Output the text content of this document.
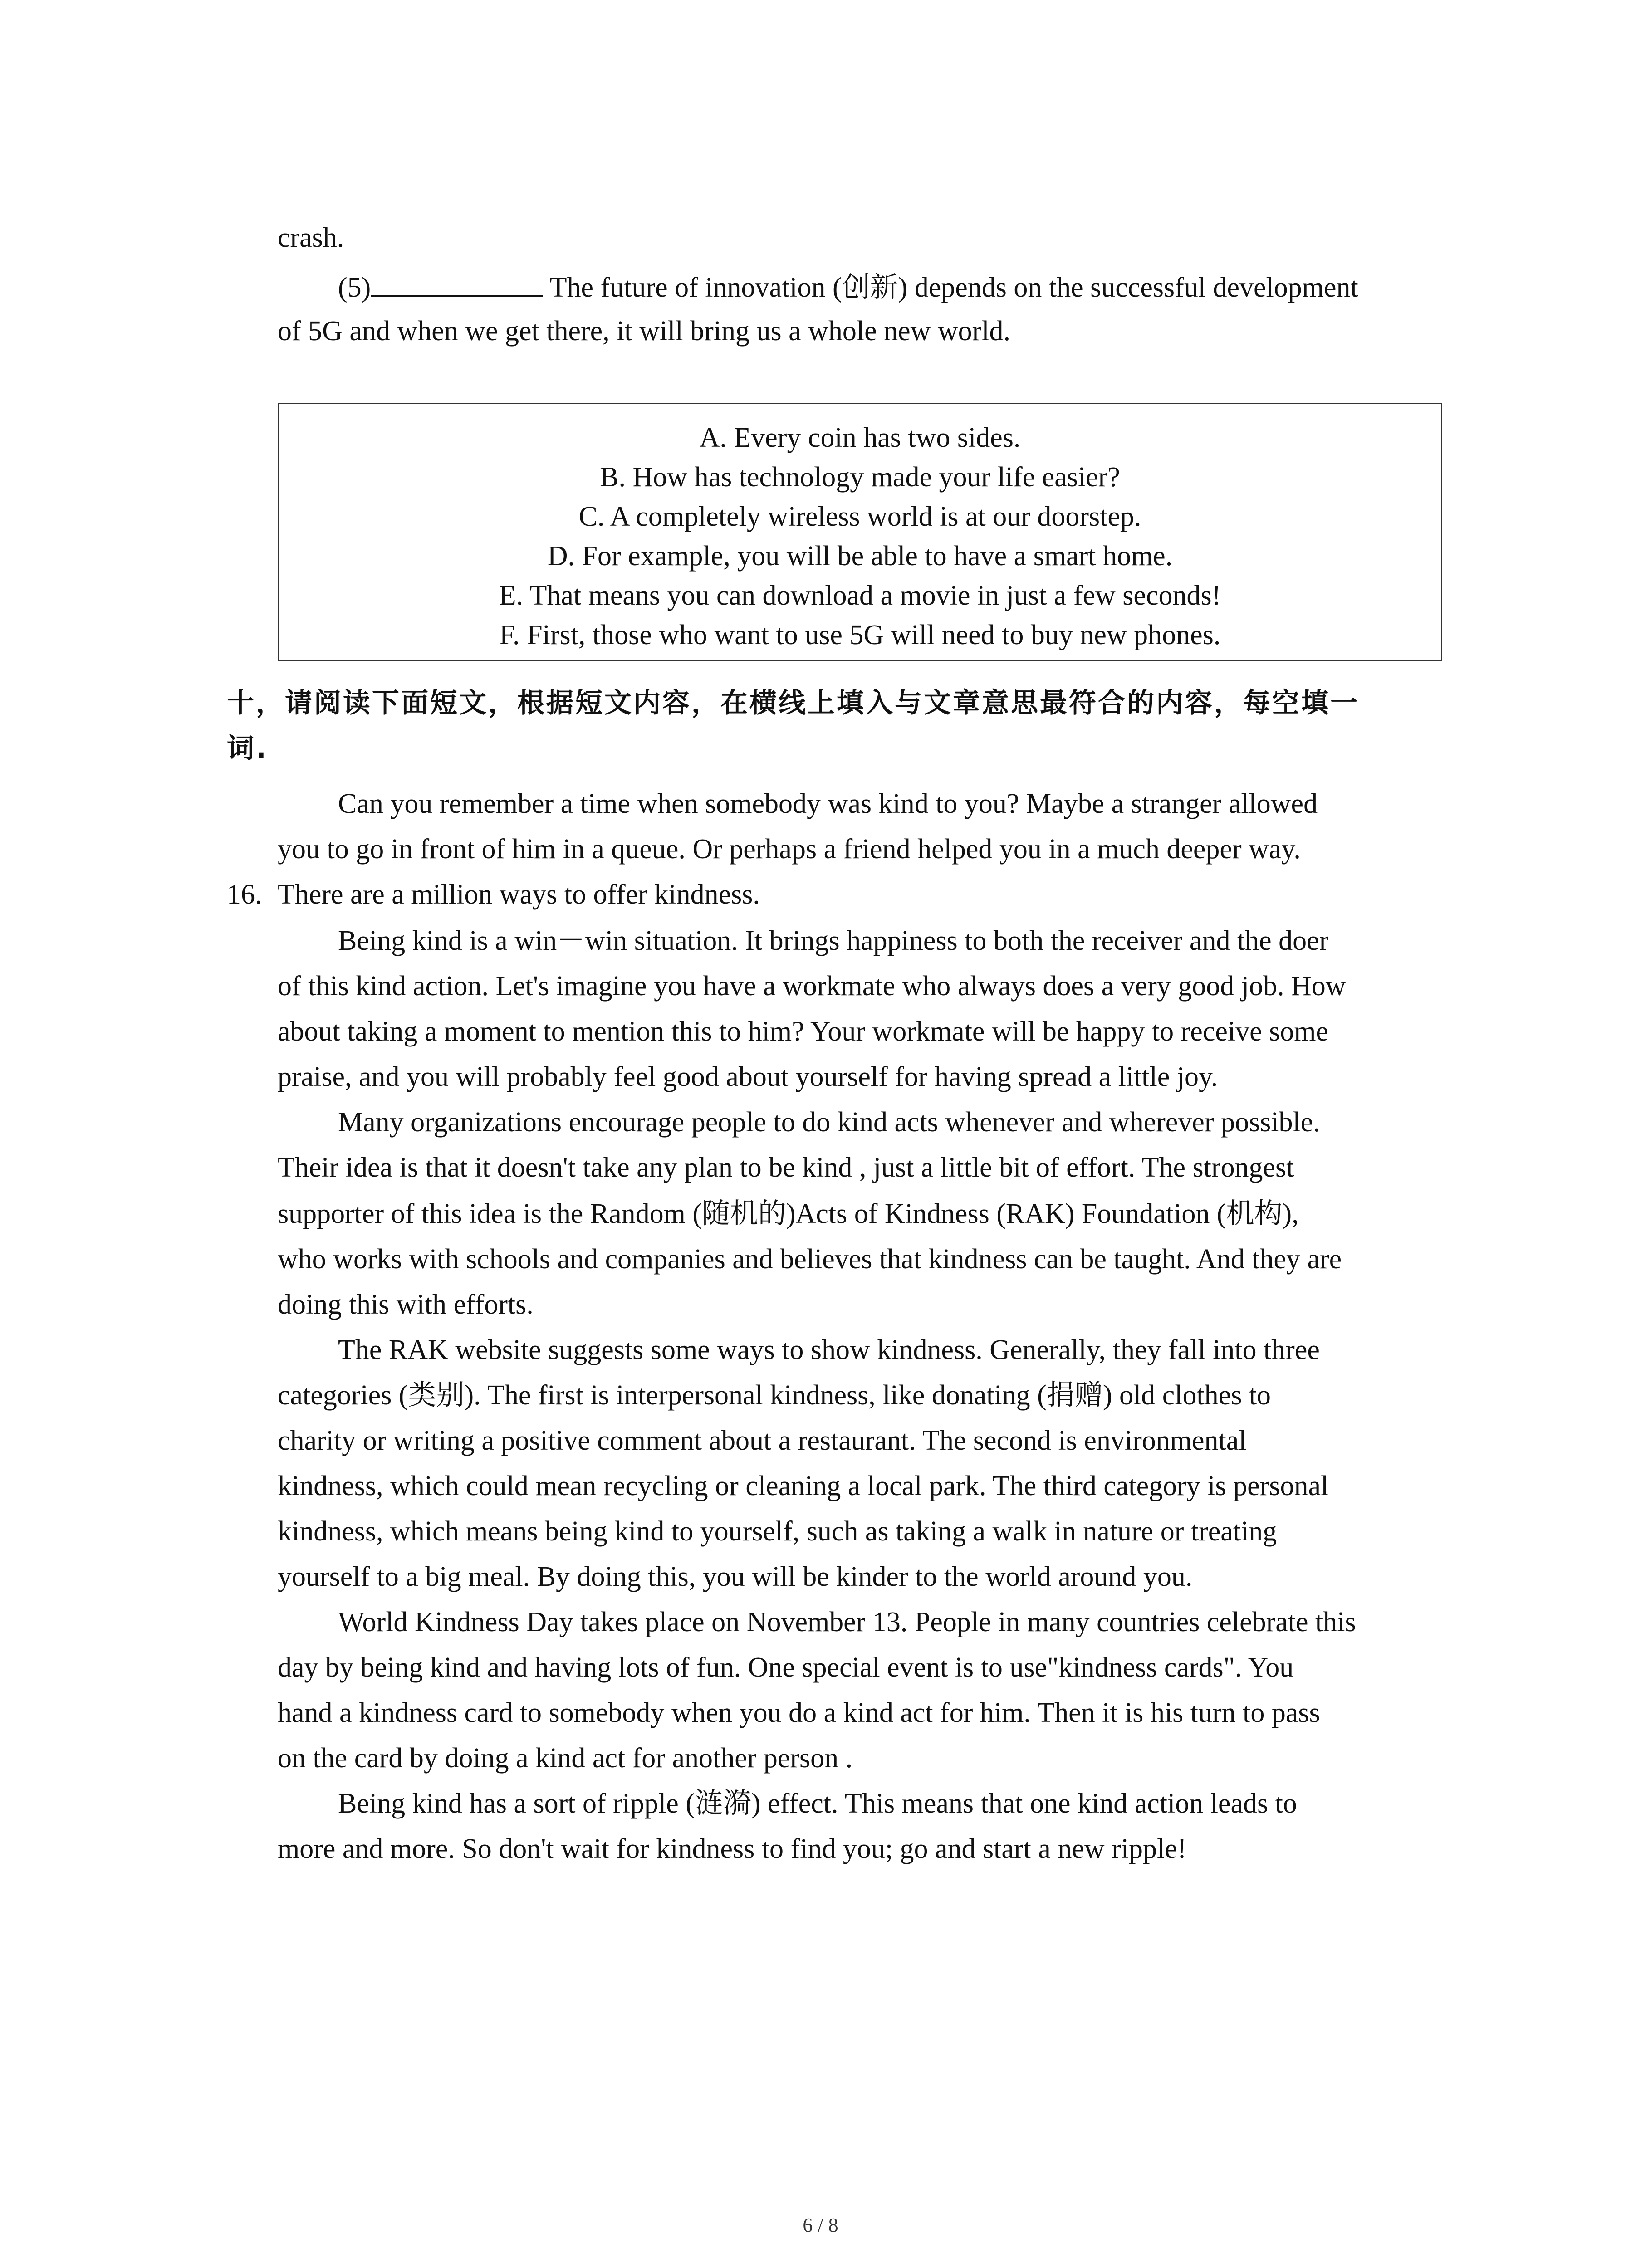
crash.
(5)	The future of innovation (创新) depends on the successful development
of 5G and when we get there, it will bring us a whole new world.
A. Every coin has two sides.
B. How has technology made your life easier?
C. A completely wireless world is at our doorstep.
D. For example, you will be able to have a smart home.
E. That means you can download a movie in just a few seconds!
F. First, those who want to use 5G will need to buy new phones.
十，请阅读下面短文，根据短文内容，在横线上填入与文章意思最符合的内容，每空填一
词.
16.
Can you remember a time when somebody was kind to you? Maybe a stranger allowed
you to go in front of him in a queue. Or perhaps a friend helped you in a much deeper way.
There are a million ways to offer kindness.
Being kind is a win－win situation. It brings happiness to both the receiver and the doer
of this kind action. Let's imagine you have a workmate who always does a very good job. How
about taking a moment to mention this to him? Your workmate will be happy to receive some
praise, and you will probably feel good about yourself for having spread a little joy.
Many organizations encourage people to do kind acts whenever and wherever possible.
Their idea is that it doesn't take any plan to be kind , just a little bit of effort. The strongest
supporter of this idea is the Random (随机的)Acts of Kindness (RAK) Foundation (机构),
who works with schools and companies and believes that kindness can be taught. And they are
doing this with efforts.
The RAK website suggests some ways to show kindness. Generally, they fall into three
categories (类别). The first is interpersonal kindness, like donating (捐赠) old clothes to
charity or writing a positive comment about a restaurant. The second is environmental
kindness, which could mean recycling or cleaning a local park. The third category is personal
kindness, which means being kind to yourself, such as taking a walk in nature or treating
yourself to a big meal. By doing this, you will be kinder to the world around you.
World Kindness Day takes place on November 13. People in many countries celebrate this
day by being kind and having lots of fun. One special event is to use"kindness cards". You
hand a kindness card to somebody when you do a kind act for him. Then it is his turn to pass
on the card by doing a kind act for another person .
Being kind has a sort of ripple (涟漪) effect. This means that one kind action leads to
more and more. So don't wait for kindness to find you; go and start a new ripple!
6 / 8
